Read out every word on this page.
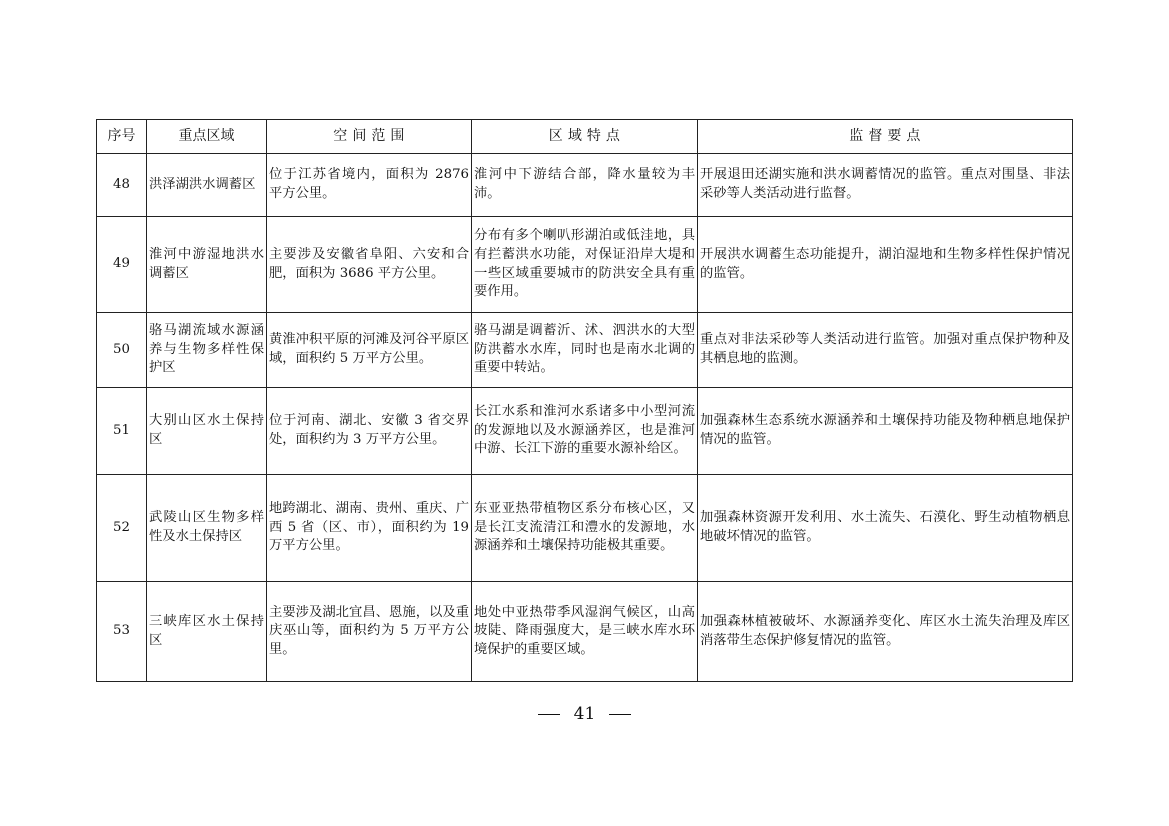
序号	重点区域	空 间 范 围	区 域 特 点	监 督 要 点
48	洪泽湖洪水调蓄区	位于江苏省境内，面积为 2876 平方公里。	淮河中下游结合部，降水量较为丰沛。	开展退田还湖实施和洪水调蓄情况的监管。重点对围垦、非法采砂等人类活动进行监督。
49	淮河中游湿地洪水调蓄区	主要涉及安徽省阜阳、六安和合肥，面积为 3686 平方公里。	分布有多个喇叭形湖泊或低洼地，具有拦蓄洪水功能，对保证沿岸大堤和一些区域重要城市的防洪安全具有重要作用。	开展洪水调蓄生态功能提升，湖泊湿地和生物多样性保护情况的监管。
50	骆马湖流域水源涵养与生物多样性保护区	黄淮冲积平原的河滩及河谷平原区域，面积约 5 万平方公里。	骆马湖是调蓄沂、沭、泗洪水的大型防洪蓄水水库，同时也是南水北调的重要中转站。	重点对非法采砂等人类活动进行监管。加强对重点保护物种及其栖息地的监测。
51	大别山区水土保持区	位于河南、湖北、安徽 3 省交界处，面积约为 3 万平方公里。	长江水系和淮河水系诸多中小型河流的发源地以及水源涵养区，也是淮河中游、长江下游的重要水源补给区。	加强森林生态系统水源涵养和土壤保持功能及物种栖息地保护情况的监管。
52	武陵山区生物多样性及水土保持区	地跨湖北、湖南、贵州、重庆、广西 5 省（区、市），面积约为 19 万平方公里。	东亚亚热带植物区系分布核心区，又是长江支流清江和澧水的发源地，水源涵养和土壤保持功能极其重要。	加强森林资源开发利用、水土流失、石漠化、野生动植物栖息地破坏情况的监管。
53	三峡库区水土保持区	主要涉及湖北宜昌、恩施，以及重庆巫山等，面积约为 5 万平方公里。	地处中亚热带季风湿润气候区，山高坡陡、降雨强度大，是三峡水库水环境保护的重要区域。	加强森林植被破坏、水源涵养变化、库区水土流失治理及库区消落带生态保护修复情况的监管。
41
